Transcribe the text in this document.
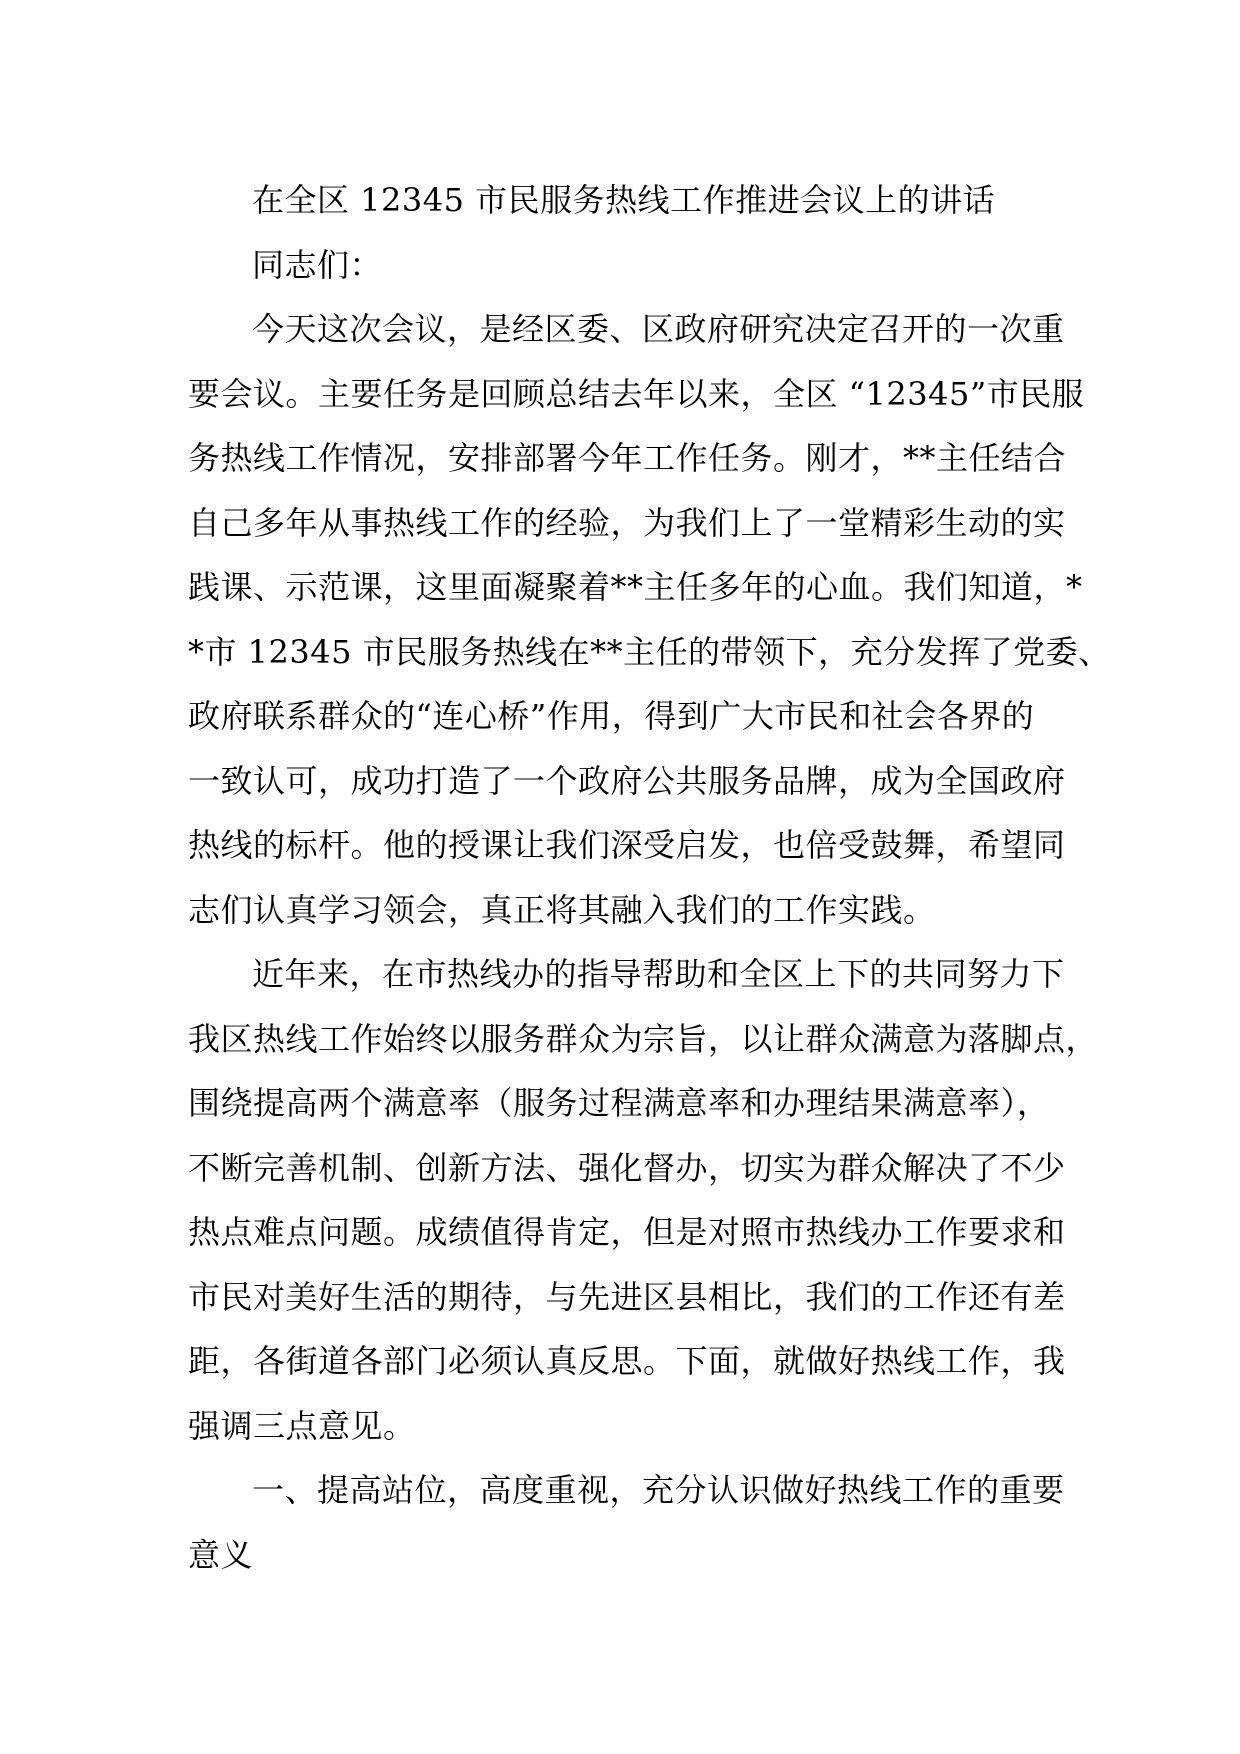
在全区 12345 市民服务热线工作推进会议上的讲话
同志们：
今天这次会议，是经区委、区政府研究决定召开的一次重
要会议。主要任务是回顾总结去年以来，全区 “12345”市民服
务热线工作情况，安排部署今年工作任务。刚才，**主任结合
自己多年从事热线工作的经验，为我们上了一堂精彩生动的实
践课、示范课，这里面凝聚着**主任多年的心血。我们知道，*
*市 12345 市民服务热线在**主任的带领下，充分发挥了党委、
政府联系群众的“连心桥”作用，得到广大市民和社会各界的
一致认可，成功打造了一个政府公共服务品牌，成为全国政府
热线的标杆。他的授课让我们深受启发，也倍受鼓舞，希望同
志们认真学习领会，真正将其融入我们的工作实践。
近年来，在市热线办的指导帮助和全区上下的共同努力下
我区热线工作始终以服务群众为宗旨，以让群众满意为落脚点，
围绕提高两个满意率（服务过程满意率和办理结果满意率），
不断完善机制、创新方法、强化督办，切实为群众解决了不少
热点难点问题。成绩值得肯定，但是对照市热线办工作要求和
市民对美好生活的期待，与先进区县相比，我们的工作还有差
距，各街道各部门必须认真反思。下面，就做好热线工作，我
强调三点意见。
一、提高站位，高度重视，充分认识做好热线工作的重要
意义
